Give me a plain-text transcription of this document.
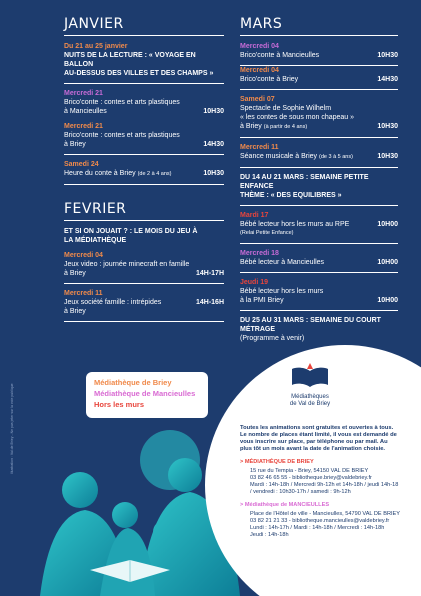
JANVIER
Du 21 au 25 janvier
NUITS DE LA LECTURE : « VOYAGE EN BALLON
AU-DESSUS DES VILLES ET DES CHAMPS »
Mercredi 21
Brico'conte : contes et arts plastiques
à Mancieulles	10H30
Mercredi 21
Brico'conte : contes et arts plastiques
à Briey	14H30
Samedi 24
Heure du conte à Briey (de 2 à 4 ans)	10H30
FEVRIER
ET SI ON JOUAIT ? : LE MOIS DU JEU À
LA MÉDIATHÈQUE
Mercredi 04
Jeux video : journée minecraft en famille
à Briey	14H-17H
Mercredi 11
Jeux société famille : intrépides	14H-16H
à Briey
MARS
Mercredi 04
Brico'conte à Mancieulles	10H30
Mercredi 04
Brico'conte à Briey	14H30
Samedi 07
Spectacle de Sophie Wilhelm
« les contes de sous mon chapeau »
à Briey (à partir de 4 ans)	10H30
Mercredi 11
Séance musicale à Briey (de 3 à 5 ans)	10H30
DU 14 AU 21 MARS : SEMAINE PETITE ENFANCE
THÈME : « DES EQUILIBRES »
Mardi 17
Bébé lecteur hors les murs au RPE	10H00
(Relai Petite Enfance)
Mercredi 18
Bébé lecteur à Mancieulles	10H00
Jeudi 19
Bébé lecteur hors les murs
à la PMI Briey	10H00
DU 25 AU 31 MARS : SEMAINE DU COURT MÉTRAGE
(Programme à venir)
Illustration : Val de Briey - Ne pas jeter sur la voie publique
Médiathèque de Briey
Médiathèque de Mancieulles
Hors les murs
Médiathèques
de Val de Briey
Toutes les animations sont gratuites et ouvertes à tous. Le nombre de places étant limité, il vous est demandé de vous inscrire sur place, par téléphone ou par mail. Au plus tôt un mois avant la date de l'animation choisie.
> MÉDIATHÈQUE DE BRIEY
15 rue du Tempia - Briey, 54150 VAL DE BRIEY
03 82 46 65 55 - bibliotheque.briey@valdebriey.fr
Mardi : 14h-18h / Mercredi 9h-12h et 14h-18h / jeudi 14h-18
/ vendredi : 10h30-17h / samedi : 9h-12h
> Médiathèque de MANCIEULLES
Place de l'Hôtel de ville - Mancieulles, 54790 VAL DE BRIEY
03 82 21 21 33 - bibliotheque.mancieulles@valdebriey.fr
Lundi : 14h-17h / Mardi : 14h-18h / Mercredi : 14h-18h
Jeudi : 14h-18h
